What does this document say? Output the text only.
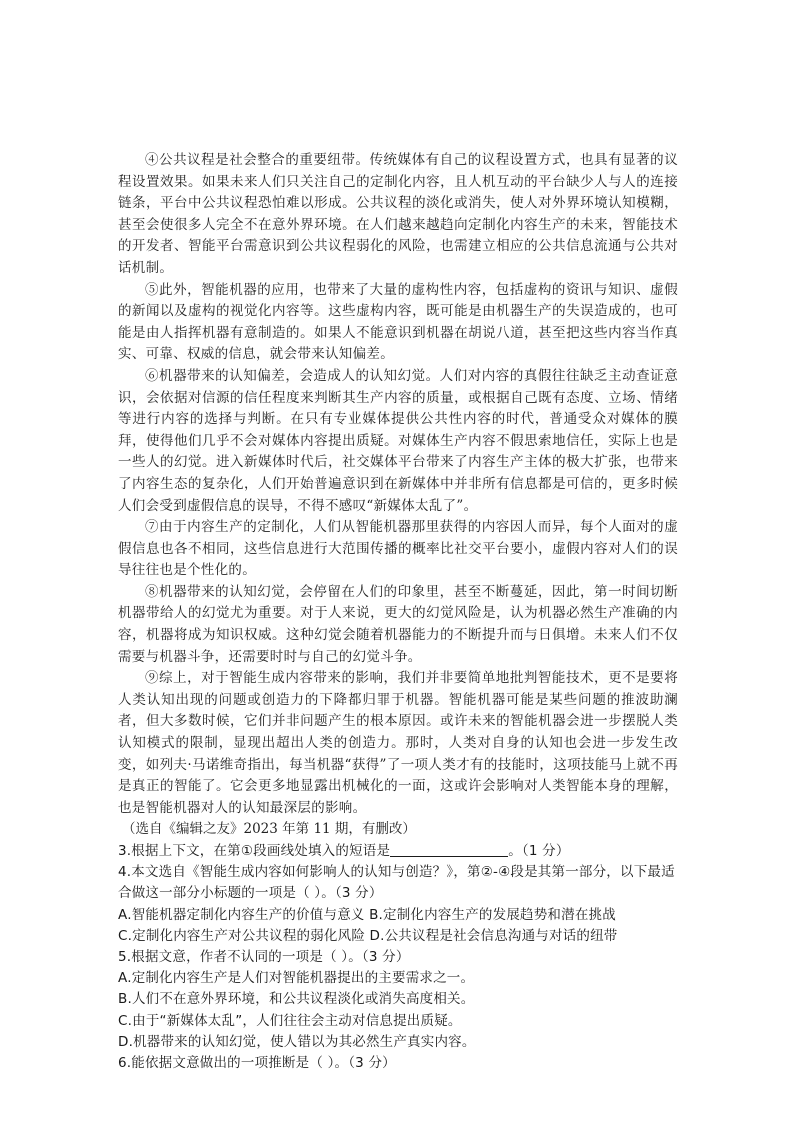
④公共议程是社会整合的重要纽带。传统媒体有自己的议程设置方式，也具有显著的议程设置效果。如果未来人们只关注自己的定制化内容，且人机互动的平台缺少人与人的连接链条，平台中公共议程恐怕难以形成。公共议程的淡化或消失，使人对外界环境认知模糊，甚至会使很多人完全不在意外界环境。在人们越来越趋向定制化内容生产的未来，智能技术的开发者、智能平台需意识到公共议程弱化的风险，也需建立相应的公共信息流通与公共对话机制。

⑤此外，智能机器的应用，也带来了大量的虚构性内容，包括虚构的资讯与知识、虚假的新闻以及虚构的视觉化内容等。这些虚构内容，既可能是由机器生产的失误造成的，也可能是由人指挥机器有意制造的。如果人不能意识到机器在胡说八道，甚至把这些内容当作真实、可靠、权威的信息，就会带来认知偏差。

⑥机器带来的认知偏差，会造成人的认知幻觉。人们对内容的真假往往缺乏主动查证意识，会依据对信源的信任程度来判断其生产内容的质量，或根据自己既有态度、立场、情绪等进行内容的选择与判断。在只有专业媒体提供公共性内容的时代，普通受众对媒体的膜拜，使得他们几乎不会对媒体内容提出质疑。对媒体生产内容不假思索地信任，实际上也是一些人的幻觉。进入新媒体时代后，社交媒体平台带来了内容生产主体的极大扩张，也带来了内容生态的复杂化，人们开始普遍意识到在新媒体中并非所有信息都是可信的，更多时候人们会受到虚假信息的误导，不得不感叹“新媒体太乱了”。

⑦由于内容生产的定制化，人们从智能机器那里获得的内容因人而异，每个人面对的虚假信息也各不相同，这些信息进行大范围传播的概率比社交平台要小，虚假内容对人们的误导往往也是个性化的。

⑧机器带来的认知幻觉，会停留在人们的印象里，甚至不断蔓延，因此，第一时间切断机器带给人的幻觉尤为重要。对于人来说，更大的幻觉风险是，认为机器必然生产准确的内容，机器将成为知识权威。这种幻觉会随着机器能力的不断提升而与日俱增。未来人们不仅需要与机器斗争，还需要时时与自己的幻觉斗争。

⑨综上，对于智能生成内容带来的影响，我们并非要简单地批判智能技术，更不是要将人类认知出现的问题或创造力的下降都归罪于机器。智能机器可能是某些问题的推波助澜者，但大多数时候，它们并非问题产生的根本原因。或许未来的智能机器会进一步摆脱人类认知模式的限制，显现出超出人类的创造力。那时，人类对自身的认知也会进一步发生改变，如列夫·马诺维奇指出，每当机器“获得”了一项人类才有的技能时，这项技能马上就不再是真正的智能了。它会更多地显露出机械化的一面，这或许会影响对人类智能本身的理解，也是智能机器对人的认知最深层的影响。

（选自《编辑之友》2023 年第 11 期，有删改）

3.根据上下文，在第①段画线处填入的短语是	。（1 分）

4.本文选自《智能生成内容如何影响人的认知与创造？》，第②-④段是其第一部分，以下最适合做这一部分小标题的一项是（ ）。（3 分）

A.智能机器定制化内容生产的价值与意义 B.定制化内容生产的发展趋势和潜在挑战

C.定制化内容生产对公共议程的弱化风险 D.公共议程是社会信息沟通与对话的纽带

5.根据文意，作者不认同的一项是（ ）。（3 分）

A.定制化内容生产是人们对智能机器提出的主要需求之一。

B.人们不在意外界环境，和公共议程淡化或消失高度相关。

C.由于“新媒体太乱”，人们往往会主动对信息提出质疑。

D.机器带来的认知幻觉，使人错以为其必然生产真实内容。

6.能依据文意做出的一项推断是（ ）。（3 分）
